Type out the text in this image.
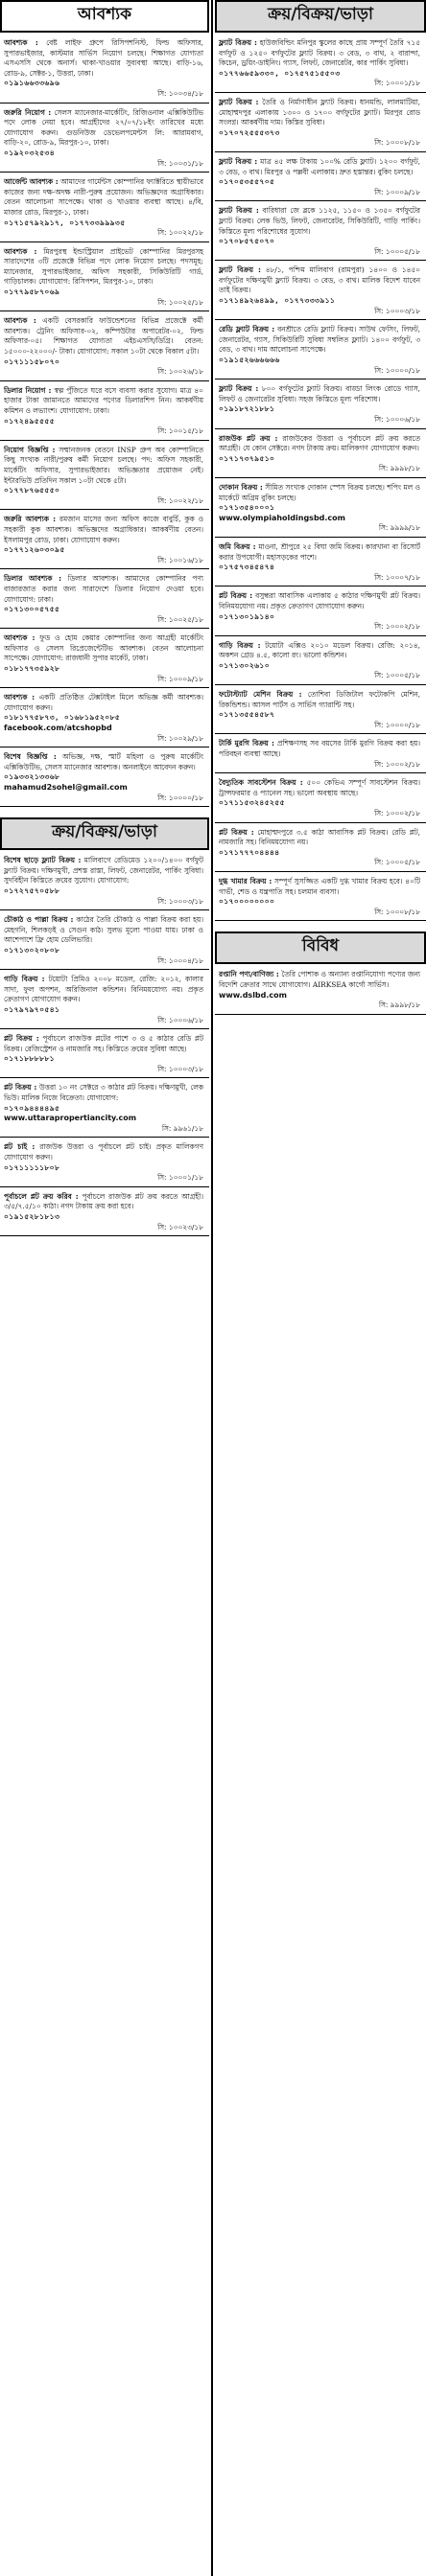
আবশ্যক
আবশ্যক : বেষ্ট লাইফ গ্রুপে রিসিপশনিস্ট, ফিল্ড অফিসার, সুপারভাইজার, কাস্টমার সার্ভিস নিয়োগ চলছে। শিক্ষাগত যোগ্যতা এসএসসি থেকে অনার্স। থাকা-খাওয়ার সুব্যবস্থা আছে। বাড়ি-১৬, রোড-৯, সেক্টর-১, উত্তরা, ঢাকা।
০১৯১৬৬৩৩৬৯৬
সি: ১০০৩৪/১৮
জরুরি নিয়োগ : সেলস ম্যানেজার-মার্কেটিং, রিজিওনাল এক্সিকিউটিভ পদে লোক নেয়া হবে। আগ্রহীদের ২৭/০৭/১৮ইং তারিখের মধ্যে যোগাযোগ করুন। গুডনিউজ ডেভেলপমেন্টস লি: আরামবাগ, বাড়ি-২০, রোড-৯, মিরপুর-১০, ঢাকা।
০১৯২০৩২৫৩৪
সি: ১০০৩১/১৮
আর্জেন্ট আবশ্যক : আমাদের গার্মেন্টস কোম্পানির ফ্যাক্টরিতে স্থায়ীভাবে কাজের জন্য দক্ষ-অদক্ষ নারী-পুরুষ প্রয়োজন। অভিজ্ঞদের অগ্রাধিকার। বেতন আলোচনা সাপেক্ষে। থাকা ও খাওয়ার ব্যবস্থা আছে। ৪/বি, মাজার রোড, মিরপুর-১, ঢাকা।
০১৭১৫৭৯২৯১৭, ০১৭৭৩৩৯৯৯৩৫
সি: ১০০২২/১৮
আবশ্যক : মিরপুরস্থ ইন্ডাস্ট্রিয়াল প্রাইভেট কোম্পানির মিরপুরসহ সারাদেশের ৩টি প্রজেক্টে বিভিন্ন পদে লোক নিয়োগ চলছে। পদসমূহ: ম্যানেজার, সুপারভাইজার, অফিস সহকারী, সিকিউরিটি গার্ড, গাড়িচালক। যোগাযোগ: রিসিপশন, মিরপুর-১০, ঢাকা।
০১৭৭৯৫৮৭০৬৯
সি: ১০০২৫/১৮
আবশ্যক : একটি বেসরকারি ফাউন্ডেশনের বিভিন্ন প্রজেক্টে কর্মী আবশ্যক। ট্রেনিং অফিসার-০২, কম্পিউটার অপারেটর-০২, ফিল্ড অফিসার-০৫। শিক্ষাগত যোগ্যতা এইচএসসি/ডিগ্রি। বেতন: ১৫০০০-২২০০০/- টাকা। যোগাযোগ: সকাল ১০টা থেকে বিকাল ৫টা।
০১৭১১১৫৮০৭০
সি: ১০০২৬/১৮
ডিলার নিয়োগ : স্বল্প পুঁজিতে ঘরে বসে ব্যবসা করার সুযোগ। মাত্র ৪০ হাজার টাকা জামানতে আমাদের পণ্যের ডিলারশিপ নিন। আকর্ষণীয় কমিশন ও লভ্যাংশ। যোগাযোগ: ঢাকা।
০১৭২৪৯৫৫৫৫
সি: ১০০১৫/১৮
নিয়োগ বিজ্ঞপ্তি : সম্মানজনক বেতনে INSP গ্রুপ অব কোম্পানিতে কিছু সংখ্যক নারী/পুরুষ কর্মী নিয়োগ চলছে। পদ: অফিস সহকারী, মার্কেটিং অফিসার, সুপারভাইজার। অভিজ্ঞতার প্রয়োজন নেই। ইন্টারভিউ প্রতিদিন সকাল ১০টা থেকে ৫টা।
০১৭৭৮৭৬৫৫৫০
সি: ১০০২২/১৮
জরুরি আবশ্যক : রমজান মাসের জন্য অফিস কাজে বাবুর্চি, কুক ও সহকারী কুক আবশ্যক। অভিজ্ঞদের অগ্রাধিকার। আকর্ষণীয় বেতন। ইসলামপুর রোড, ঢাকা। যোগাযোগ করুন।
০১৭৭১২৬০৩০৯৫
সি: ১০০১৬/১৮
ডিলার আবশ্যক : ডিলার আবশ্যক। আমাদের কোম্পানির পণ্য বাজারজাত করার জন্য সারাদেশে ডিলার নিয়োগ দেওয়া হবে। যোগাযোগ: ঢাকা।
০১৭১৩০০৫৭৫৫
সি: ১০০২৫/১৮
আবশ্যক : ফুড ও হোম কেয়ার কোম্পানির জন্য আগ্রহী মার্কেটিং অফিসার ও সেলস রিপ্রেজেন্টেটিভ আবশ্যক। বেতন আলোচনা সাপেক্ষে। যোগাযোগ: রাজধানী সুপার মার্কেট, ঢাকা।
০১৮১৭৭৩৫৯২৮
সি: ১০০০৯/১৮
আবশ্যক : একটি প্রতিষ্ঠিত টেক্সটাইল মিলে অভিজ্ঞ কর্মী আবশ্যক। যোগাযোগ করুন।
০১৮১৭৭৫৮৭৩, ০১৬৮১৯৫২০৮৫
facebook.com/atcshopbd
সি: ১০০২৯/১৮
বিশেষ বিজ্ঞপ্তি : অভিজ্ঞ, দক্ষ, স্মার্ট মহিলা ও পুরুষ মার্কেটিং এক্সিকিউটিভ, সেলস ম্যানেজার আবশ্যক। অনলাইনে আবেদন করুন।
০১৯৩৩২১৩৩৬৮
mahamud2sohel@gmail.com
সি: ১০০০০/১৮
ক্রয়/বিক্রয়/ভাড়া
বিশেষ ছাড়ে ফ্ল্যাট বিক্রয় : মালিবাগে রেডিমেড ১২০০/১৪০০ বর্গফুট ফ্ল্যাট বিক্রয়। দক্ষিণমুখী, প্রশস্ত রাস্তা, লিফট, জেনারেটর, পার্কিং সুবিধা। সুদবিহীন কিস্তিতে ক্রয়ের সুযোগ। যোগাযোগ:
০১৭২৭৫৭০৫৮৮
সি: ১০০০৩/১৮
চৌকাঠ ও পাল্লা বিক্রয় : কাঠের তৈরি চৌকাঠ ও পাল্লা বিক্রয় করা হয়। মেহগনি, শিলকড়ই ও সেগুন কাঠ। সুলভ মূল্যে পাওয়া যায়। ঢাকা ও আশেপাশে ফ্রি হোম ডেলিভারি।
০১৭১৩০২০৮০৮
সি: ১০০০৪/১৮
গাড়ি বিক্রয় : টয়োটা প্রিমিও ২০০৮ মডেল, রেজি: ২০১২, কালার সাদা, ফুল অপশন, অরিজিনাল কন্ডিশন। বিনিময়যোগ্য নয়। প্রকৃত ক্রেতাগণ যোগাযোগ করুন।
০১৭৯৭৯৭০৫৪১
সি: ১০০০৬/১৮
প্লট বিক্রয় : পূর্বাচলে রাজউক প্লটের পাশে ৩ ও ৫ কাঠার রেডি প্লট বিক্রয়। রেজিস্ট্রেশন ও নামজারি সহ। কিস্তিতে ক্রয়ের সুবিধা আছে।
০১৭১৮৮৮৮৮১
সি: ১০০০৩/১৮
প্লট বিক্রয় : উত্তরা ১০ নং সেক্টরে ৩ কাঠার প্লট বিক্রয়। দক্ষিণমুখী, লেক ভিউ। মালিক নিজে বিক্রেতা। যোগাযোগ:
০১৭০৯৪৪৪৪৯৫
www.uttarapropertiancity.com
সি: ৯৯৬১/১৮
প্লট চাই : রাজউক উত্তরা ও পূর্বাচলে প্লট চাই। প্রকৃত মালিকগণ যোগাযোগ করুন।
০১৭১১১১১৮০৮
সি: ১০০০১/১৮
পূর্বাচলে প্লট ক্রয় করিব : পূর্বাচলে রাজউক প্লট ক্রয় করতে আগ্রহী। ৩/৫/৭.৫/১০ কাঠা। নগদ টাকায় ক্রয় করা হবে।
০১৯১৫২৮১৮১৩
সি: ১০০২৩/১৮
ক্রয়/বিক্রয়/ভাড়া
ফ্ল্যাট বিক্রয় : হাউজবিল্ডিং মনিপুর স্কুলের কাছে প্রায় সম্পূর্ণ তৈরি ৭১৫ বর্গফুট ও ১২৫০ বর্গফুটের ফ্ল্যাট বিক্রয়। ৩ বেড, ৩ বাথ, ২ বারান্দা, কিচেন, ড্রয়িং-ডাইনিং। গ্যাস, লিফট, জেনারেটর, কার পার্কিং সুবিধা।
০১৭৭৬৬৫৯৩৩০, ০১৭৫৭৫১৫৫০৩
সি: ১০০০১/১৮
ফ্ল্যাট বিক্রয় : তৈরি ও নির্মাণাধীন ফ্ল্যাট বিক্রয়। ধানমন্ডি, লালমাটিয়া, মোহাম্মদপুর এলাকায় ১৩০০ ও ১৭০০ বর্গফুটের ফ্ল্যাট। মিরপুর রোড সংলগ্ন। আকর্ষণীয় দাম। কিস্তির সুবিধা।
০১৭০৭২৫৫৫৩৭৩
সি: ১০০০৮/১৮
ফ্ল্যাট বিক্রয় : মাত্র ৪৫ লক্ষ টাকায় ১০০% রেডি ফ্ল্যাট। ১২০০ বর্গফুট, ৩ বেড, ৩ বাথ। মিরপুর ও পল্লবী এলাকায়। দ্রুত হস্তান্তর। বুকিং চলছে।
০১৭০৫৩৫৫৭০৫
সি: ১০০০৯/১৮
ফ্ল্যাট বিক্রয় : বারিধারা জে ব্লকে ১১২৫, ১১৫০ ও ১৩৫০ বর্গফুটের ফ্ল্যাট বিক্রয়। লেক ভিউ, লিফট, জেনারেটর, সিকিউরিটি, গাড়ি পার্কিং। কিস্তিতে মূল্য পরিশোধের সুযোগ।
০১৭০৮৫৭৫০৭০
সি: ১০০০৫/১৮
ফ্ল্যাট বিক্রয় : ৪৮/১, পশ্চিম মালিবাগ (রামপুরা) ১৪০০ ও ১৪৫০ বর্গফুটের দক্ষিণমুখী ফ্ল্যাট বিক্রয়। ৩ বেড, ৩ বাথ। মালিক বিদেশ যাবেন তাই বিক্রয়।
০১৭১৪৯২৬৪৯৯, ০১৭৭৩৩৩৯১১
সি: ১০০০৩/১৮
রেডি ফ্ল্যাট বিক্রয় : বনশ্রীতে রেডি ফ্ল্যাট বিক্রয়। সাউথ ফেসিং, লিফট, জেনারেটর, গ্যাস, সিকিউরিটি সুবিধা সম্বলিত ফ্ল্যাট। ১৪০০ বর্গফুট, ৩ বেড, ৩ বাথ। দাম আলোচনা সাপেক্ষে।
০১৯১৫২৬৬৬৬৬৬
সি: ১০০০০/১৮
ফ্ল্যাট বিক্রয় : ৮০০ বর্গফুটের ফ্ল্যাট বিক্রয়। বাড্ডা লিংক রোডে গ্যাস, লিফট ও জেনারেটর সুবিধা। সহজ কিস্তিতে মূল্য পরিশোধ।
০১৯১৮৭২১৮৮১
সি: ১০০০৬/১৮
রাজউক প্লট ক্রয় : রাজউকের উত্তরা ও পূর্বাচলে প্লট ক্রয় করতে আগ্রহী। যে কোন সেক্টরে। নগদ টাকায় ক্রয়। মালিকগণ যোগাযোগ করুন।
০১৭১৭৩৭৯৫১০
সি: ৯৯৯৮/১৮
দোকান বিক্রয় : সীমিত সংখ্যক দোকান স্পেস বিক্রয় চলছে। শপিং মল ও মার্কেটে অগ্রিম বুকিং চলছে।
০১৭১৩৫৪০০০১
www.olympiaholdingsbd.com
সি: ৯৯৯৯/১৮
জমি বিক্রয় : মাওনা, শ্রীপুরে ২৫ বিঘা জমি বিক্রয়। কারখানা বা রিসোর্ট করার উপযোগী। মহাসড়কের পাশে।
০১৭৫৭৩৪৫৪৭৪
সি: ১০০০৭/১৮
প্লট বিক্রয় : বসুন্ধরা আবাসিক এলাকায় ৫ কাঠার দক্ষিণমুখী প্লট বিক্রয়। বিনিময়যোগ্য নয়। প্রকৃত ক্রেতাগণ যোগাযোগ করুন।
০১৭১৩০১৯১৪০
সি: ১০০০২/১৮
গাড়ি বিক্রয় : টয়োটা এক্সিও ২০১০ মডেল বিক্রয়। রেজি: ২০১৪, অকশন গ্রেড ৪.৫, কালো রং। ভালো কন্ডিশন।
০১৭১৩০২৬১০
সি: ১০০০৫/১৮
ফটোস্ট্যাট মেশিন বিক্রয় : তোশিবা ডিজিটাল ফটোকপি মেশিন, রিকন্ডিশন্ড। আসল পার্টস ও সার্ভিস গ্যারান্টি সহ।
০১৭১৩৫৫৪৫৮৭
সি: ১০০০০/১৮
টার্কি মুরগি বিক্রয় : প্রশিক্ষণসহ সব বয়সের টার্কি মুরগি বিক্রয় করা হয়। পরিবহন ব্যবস্থা আছে।
সি: ১০০০২/১৮
বৈদ্যুতিক সাবস্টেশন বিক্রয় : ৫০০ কেভিএ সম্পূর্ণ সাবস্টেশন বিক্রয়। ট্রান্সফরমার ও প্যানেল সহ। ভালো অবস্থায় আছে।
০১৭১১৫৩২৪৫২৫৫
সি: ১০০০২/১৮
প্লট বিক্রয় : মোহাম্মদপুরে ৩.৫ কাঠা আবাসিক প্লট বিক্রয়। রেডি প্লট, নামজারি সহ। বিনিময়যোগ্য নয়।
০১৭১৭৭৭০৪৪৪৪
সি: ১০০০৫/১৮
দুগ্ধ খামার বিক্রয় : সম্পূর্ণ সুসজ্জিত একটি দুগ্ধ খামার বিক্রয় হবে। ৪০টি গাভী, শেড ও যন্ত্রপাতি সহ। চলমান ব্যবসা।
০১৭০০০০০০০০
সি: ১০০০৮/১৮
বিবিধ
রপ্তানি পণ্য/বাণিজ্য : তৈরি পোশাক ও অন্যান্য রপ্তানিযোগ্য পণ্যের জন্য বিদেশি ক্রেতার সাথে যোগাযোগ। AIRKSEA কার্গো সার্ভিস।
www.dslbd.com
সি: ৯৯৯৮/১৮
